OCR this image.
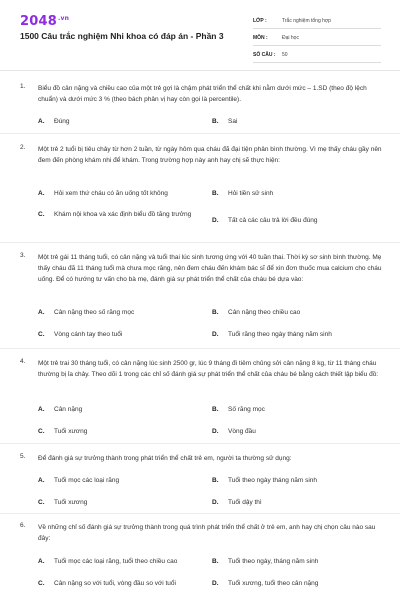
$2048^{.vn}$
1500 Câu trắc nghiệm Nhi khoa có đáp án - Phần 3
LỚP :	Trắc nghiệm tổng hợp
MÔN :	Đại học
SỐ CÂU :	50
1. Biểu đồ cân nặng và chiều cao của một trẻ gợi là chậm phát triển thể chất khi nằm dưới mức – 1.SD (theo độ lệch chuẩn) và dưới mức 3 % (theo bách phân vị hay còn gọi là percentile).
A.	Đúng	B.	Sai
2. Một trẻ 2 tuổi bị tiêu chảy từ hơn 2 tuần, từ ngày hôm qua cháu đã đại tiện phân bình thường. Vì mẹ thấy cháu gầy nên đem đến phòng khám nhi để khám. Trong trường hợp này anh hay chị sẽ thực hiện:
A.	Hỏi xem thứ cháu có ăn uống tốt không	B.	Hỏi tiền sử sinh
C.	Khám nội khoa và xác định biểu đồ tăng trưởng
D.	Tất cả các câu trả lời đều đúng
3. Một trẻ gái 11 tháng tuổi, có cân nặng và tuổi thai lúc sinh tương ứng với 40 tuần thai. Thời kỳ sơ sinh bình thường. Mẹ thấy cháu đã 11 tháng tuổi mà chưa mọc răng, nên đem cháu đến khám bác sĩ để xin đơn thuốc mua calcium cho cháu uống. Để có hướng tư vấn cho bà mẹ, đánh giá sự phát triển thể chất của cháu bé dựa vào:
A.	Cân nặng theo số răng mọc	B.	Cân nặng theo chiều cao
C.	Vòng cánh tay theo tuổi	D.	Tuổi răng theo ngày tháng năm sinh
4. Một trẻ trai 30 tháng tuổi, có cân nặng lúc sinh 2500 gr, lúc 9 tháng đi tiêm chủng sởi cân nặng 8 kg, từ 11 tháng cháu thường bị ỉa chảy. Theo dõi 1 trong các chỉ số đánh giá sự phát triển thể chất của cháu bé bằng cách thiết lập biểu đồ:
A.	Cân nặng	B.	Số răng mọc
C.	Tuổi xương	D.	Vòng đầu
5. Để đánh giá sự trưởng thành trong phát triển thể chất trẻ em, người ta thường sử dụng:
A.	Tuổi mọc các loại răng	B.	Tuổi theo ngày tháng năm sinh
C.	Tuổi xương	D.	Tuổi dậy thì
6. Về những chỉ số đánh giá sự trưởng thành trong quá trình phát triển thể chất ở trẻ em, anh hay chị chọn câu nào sau đây:
A.	Tuổi mọc các loại răng, tuổi theo chiều cao	B.	Tuổi theo ngày, tháng năm sinh
C.	Cân nặng so với tuổi, vòng đầu so với tuổi	D.	Tuổi xương, tuổi theo cân nặng
